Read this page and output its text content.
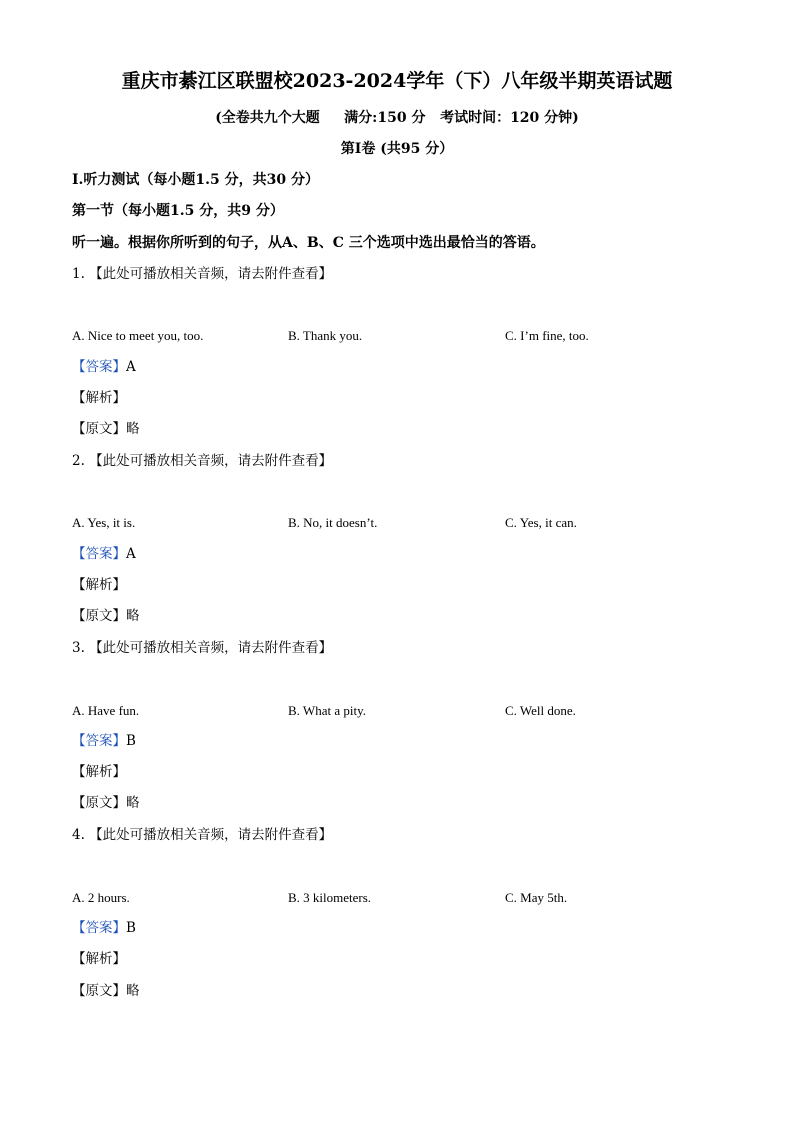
重庆市綦江区联盟校2023-2024学年（下）八年级半期英语试题
(全卷共九个大题     满分:150 分   考试时间：120 分钟)
第Ⅰ卷 (共95 分）
Ⅰ.听力测试（每小题1.5 分，共30 分）
第一节（每小题1.5 分，共9 分）
听一遍。根据你所听到的句子，从A、B、C 三个选项中选出最恰当的答语。
1. 【此处可播放相关音频，请去附件查看】
A. Nice to meet you, too.	B. Thank you.	C. I’m fine, too.
【答案】A
【解析】
【原文】略
2. 【此处可播放相关音频，请去附件查看】
A. Yes, it is.	B. No, it doesn’t.	C. Yes, it can.
【答案】A
【解析】
【原文】略
3. 【此处可播放相关音频，请去附件查看】
A. Have fun.	B. What a pity.	C. Well done.
【答案】B
【解析】
【原文】略
4. 【此处可播放相关音频，请去附件查看】
A. 2 hours.	B. 3 kilometers.	C. May 5th.
【答案】B
【解析】
【原文】略
